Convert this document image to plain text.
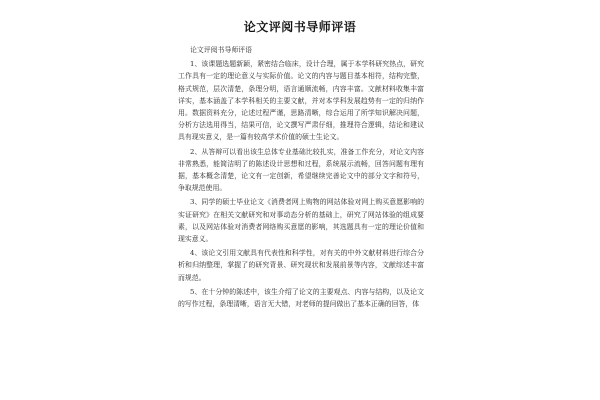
论文评阅书导师评语

论文评阅书导师评语

1、该课题选题新颖，紧密结合临床，设计合理，属于本学科研究热点，研究工作具有一定的理论意义与实际价值。论文的内容与题目基本相符，结构完整，格式规范，层次清楚，条理分明，语言通顺流畅，内容丰富。文献材料收集丰富详实，基本涵盖了本学科相关的主要文献，并对本学科发展趋势有一定的归纳作用。数据资料充分，论述过程严谨，思路清晰，综合运用了所学知识解决问题，分析方法选用得当，结果可信，论文撰写严肃仔细，推理符合逻辑，结论和建议具有现实意义，是一篇有较高学术价值的硕士生论文。

2、从答辩可以看出该生总体专业基础比较扎实，准备工作充分，对论文内容非常熟悉，能简洁明了的陈述设计思想和过程，系统展示流畅，回答问题有理有据，基本概念清楚，论文有一定创新，希望继续完善论文中的部分文字和符号，争取规范使用。

3、同学的硕士毕业论文《消费者网上购物的网站体验对网上购买意愿影响的实证研究》在相关文献研究和对事动态分析的基础上，研究了网站体验的组成要素，以及网站体验对消费者网络购买意愿的影响，其选题具有一定的理论价值和现实意义。

4、该论文引用文献具有代表性和科学性，对有关的中外文献材料进行综合分析和归纳整理，掌握了的研究背景、研究现状和发展前景等内容，文献综述丰富而规范。

5、在十分钟的陈述中，该生介绍了论文的主要观点、内容与结构，以及论文的写作过程，条理清晰，语言无大错，对老师的提问做出了基本正确的回答，体
